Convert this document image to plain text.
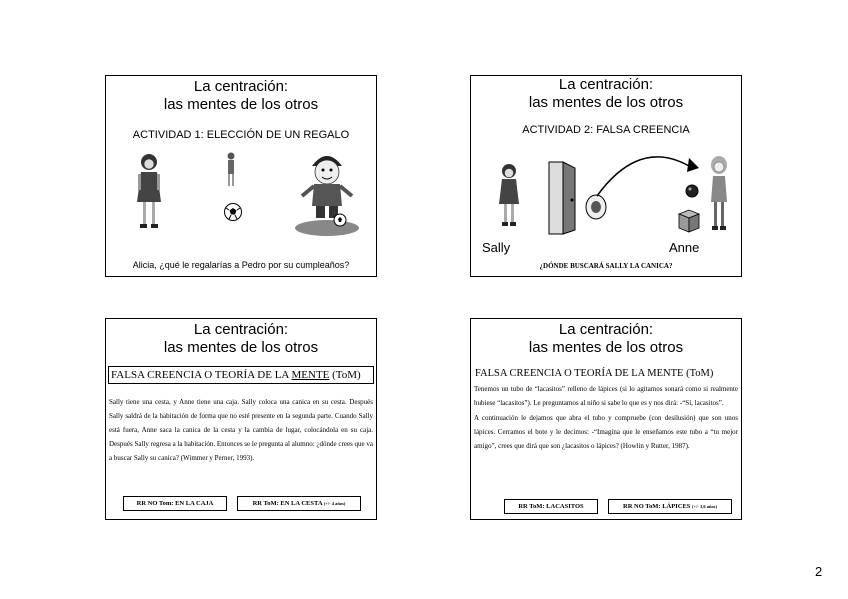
La centración:
las mentes de los otros
ACTIVIDAD 1: ELECCIÓN DE UN REGALO
Alicia, ¿qué le regalarías a Pedro por su cumpleaños?
La centración:
las mentes de los otros
ACTIVIDAD 2: FALSA CREENCIA
Sally	Anne
¿DÓNDE BUSCARÁ SALLY LA CANICA?
La centración:
las mentes de los otros
FALSA CREENCIA O TEORÍA DE LA MENTE (ToM)
Sally tiene una cesta, y Anne tiene una caja. Sally coloca una canica en su cesta. Después Sally saldrá de la habitación de forma que no esté presente en la segunda parte. Cuando Sally está fuera, Anne saca la canica de la cesta y la cambia de lugar, colocándola en su caja. Después Sally regresa a la habitación. Entonces se le pregunta al alumno: ¿dónde crees que va a buscar Sally su canica? (Wimmer y Perner, 1993).
RR NO Tom: EN LA CAJA	RR ToM: EN LA CESTA (+/- 4 años)
La centración:
las mentes de los otros
FALSA CREENCIA O TEORÍA DE LA MENTE (ToM)
Tenemos un tubo de “lacasitos” relleno de lápices (si lo agitamos sonará como si realmente hubiese “lacasitos”). Le preguntamos al niño si sabe lo que es y nos dirá: -“Sí, lacasitos”.
A continuación le dejamos que abra el tubo y compruebe (con desilusión) que son unos lápices. Cerramos el bote y le decimos: -“Imagina que le enseñamos este tubo a “tu mejor amigo”, crees que dirá que son ¿lacasitos o lápices? (Howlin y Rutter, 1987).
RR ToM: LACASITOS	RR NO ToM: LÁPICES (+/- 3,6 años)
2
